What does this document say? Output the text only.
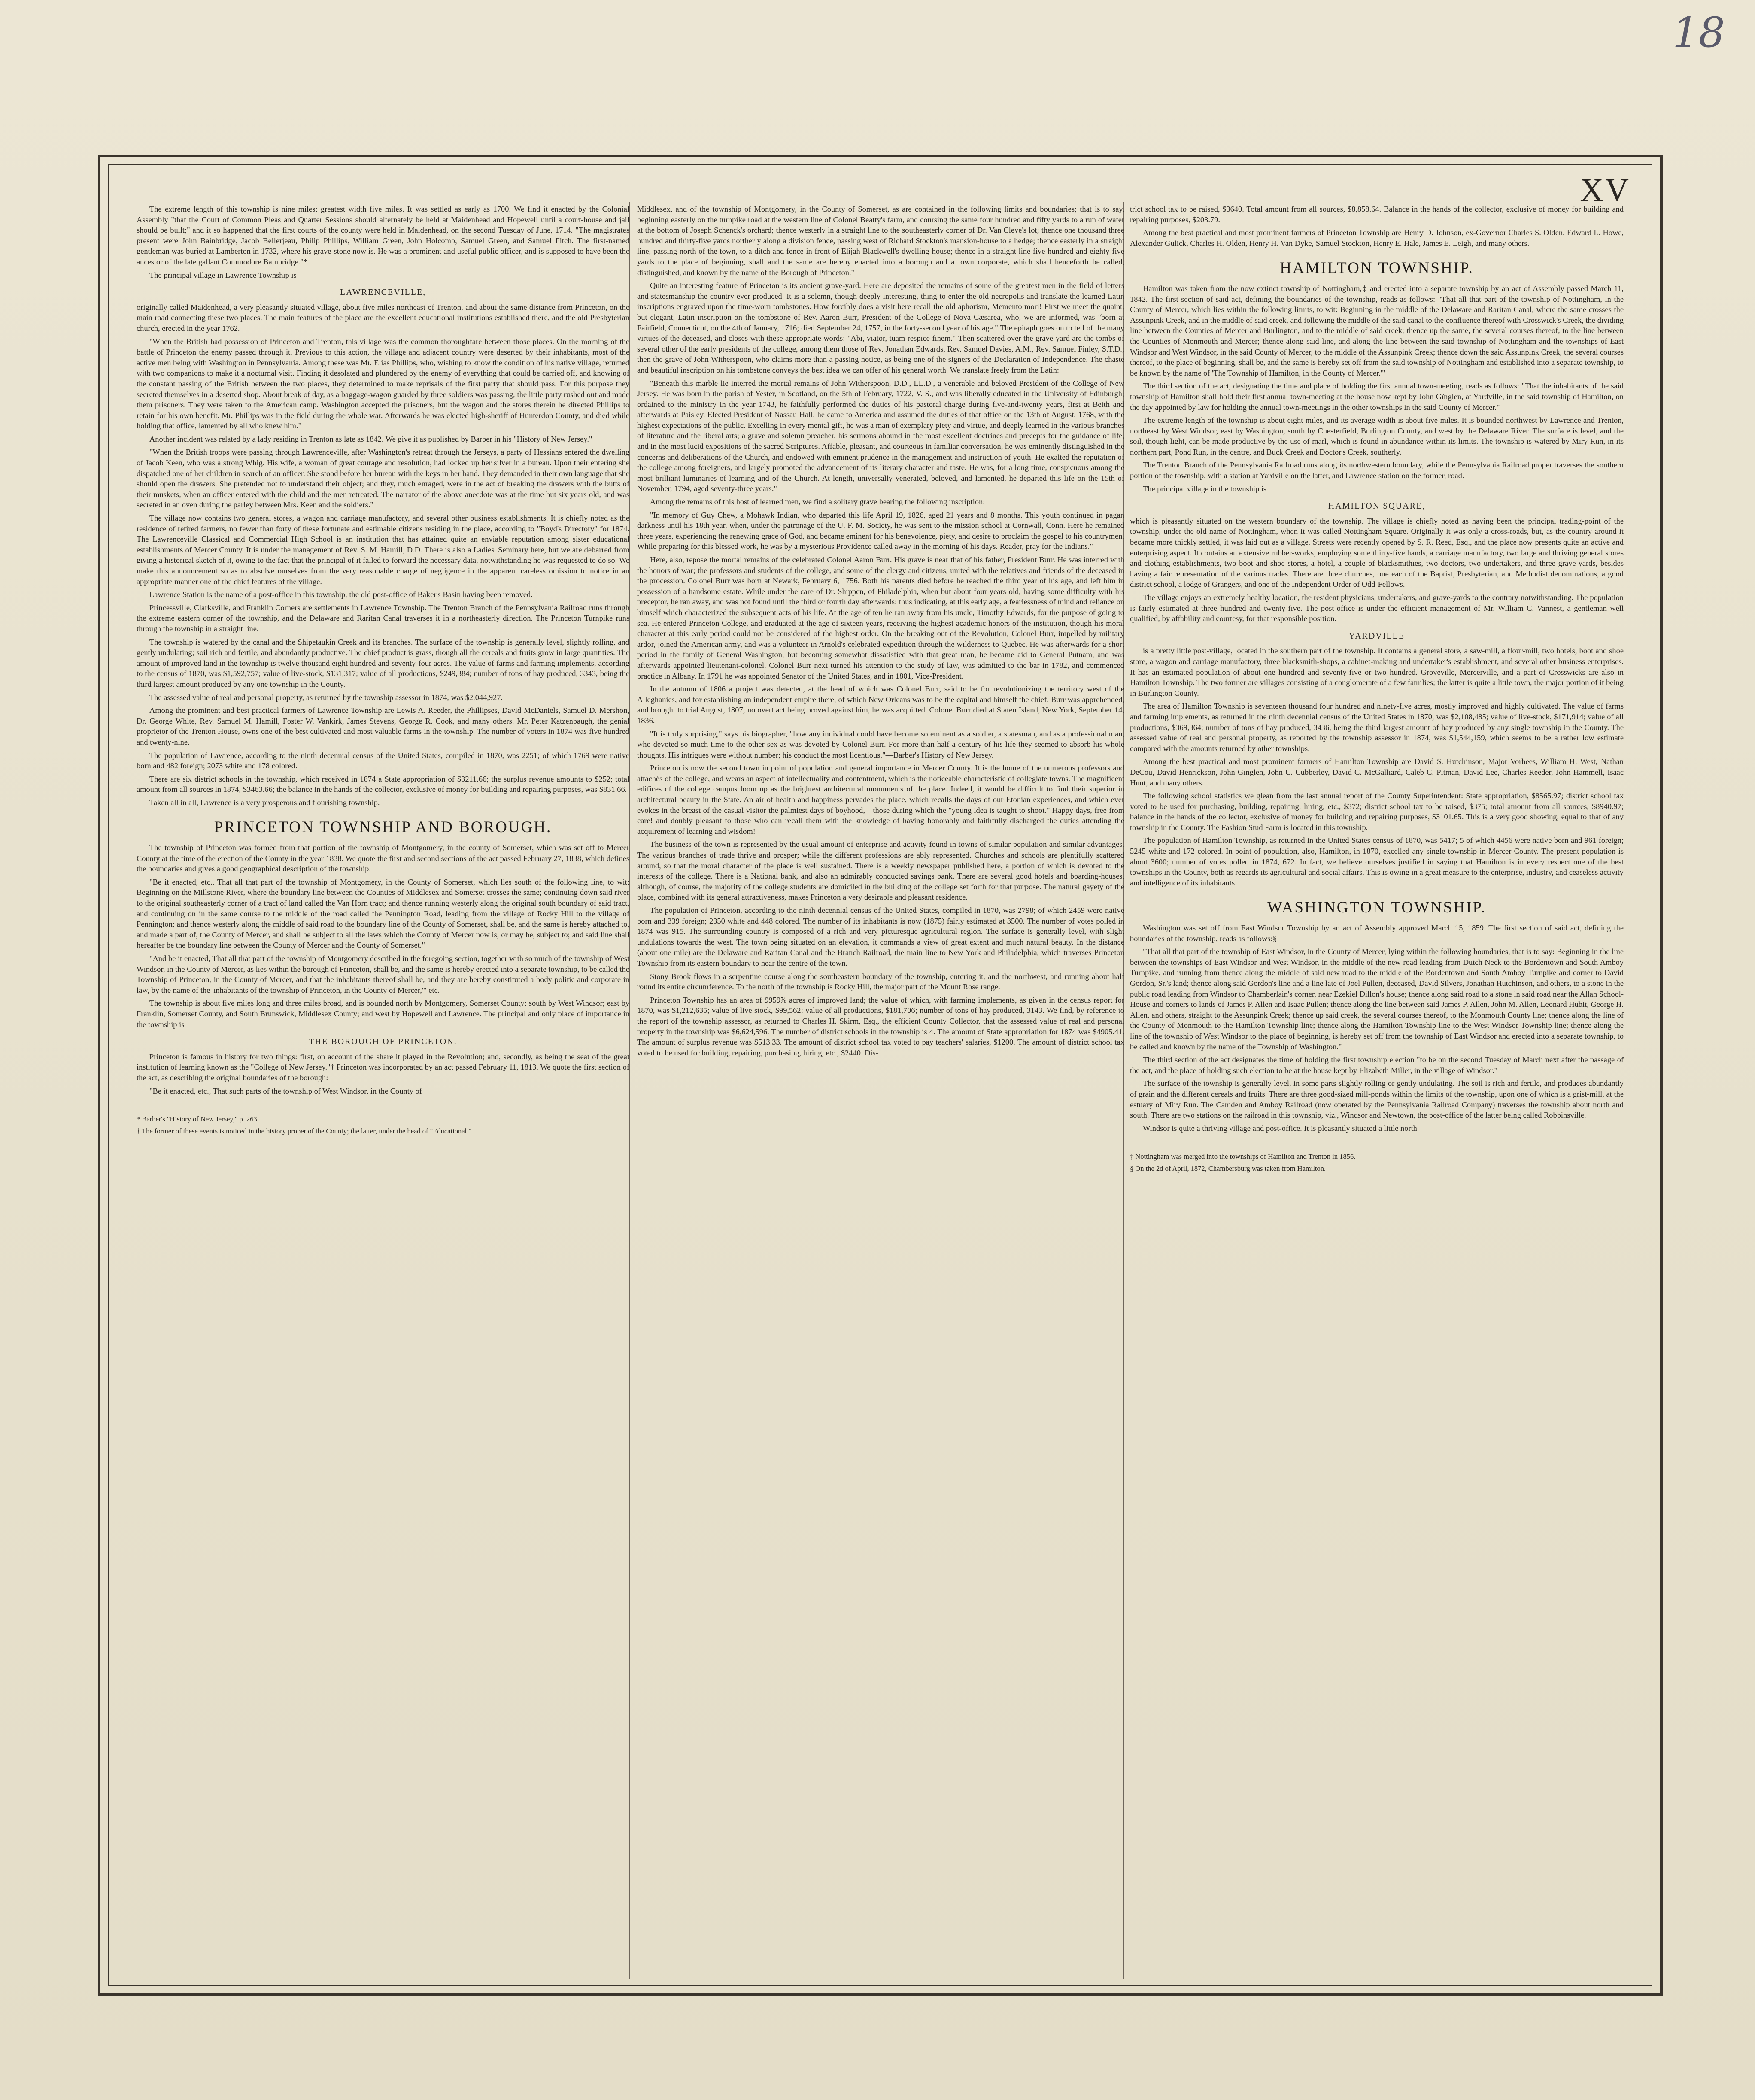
18
XV

The extreme length of this township is nine miles; greatest width five miles. It was settled as early as 1700. We find it enacted by the Colonial Assembly "that the Court of Common Pleas and Quarter Sessions should alternately be held at Maidenhead and Hopewell until a court-house and jail should be built;" and it so happened that the first courts of the county were held in Maidenhead, on the second Tuesday of June, 1714. "The magistrates present were John Bainbridge, Jacob Bellerjeau, Philip Phillips, William Green, John Holcomb, Samuel Green, and Samuel Fitch. The first-named gentleman was buried at Lamberton in 1732, where his grave-stone now is. He was a prominent and useful public officer, and is supposed to have been the ancestor of the late gallant Commodore Bainbridge."*

The principal village in Lawrence Township is

LAWRENCEVILLE,

originally called Maidenhead, a very pleasantly situated village, about five miles northeast of Trenton, and about the same distance from Princeton, on the main road connecting these two places. The main features of the place are the excellent educational institutions established there, and the old Presbyterian church, erected in the year 1762.

"When the British had possession of Princeton and Trenton, this village was the common thoroughfare between those places. On the morning of the battle of Princeton the enemy passed through it. Previous to this action, the village and adjacent country were deserted by their inhabitants, most of the active men being with Washington in Pennsylvania. Among these was Mr. Elias Phillips, who, wishing to know the condition of his native village, returned with two companions to make it a nocturnal visit. Finding it desolated and plundered by the enemy of everything that could be carried off, and knowing of the constant passing of the British between the two places, they determined to make reprisals of the first party that should pass. For this purpose they secreted themselves in a deserted shop. About break of day, as a baggage-wagon guarded by three soldiers was passing, the little party rushed out and made them prisoners. They were taken to the American camp. Washington accepted the prisoners, but the wagon and the stores therein he directed Phillips to retain for his own benefit. Mr. Phillips was in the field during the whole war. Afterwards he was elected high-sheriff of Hunterdon County, and died while holding that office, lamented by all who knew him."

Another incident was related by a lady residing in Trenton as late as 1842. We give it as published by Barber in his "History of New Jersey."

"When the British troops were passing through Lawrenceville, after Washington's retreat through the Jerseys, a party of Hessians entered the dwelling of Jacob Keen, who was a strong Whig. His wife, a woman of great courage and resolution, had locked up her silver in a bureau. Upon their entering she dispatched one of her children in search of an officer. She stood before her bureau with the keys in her hand. They demanded in their own language that she should open the drawers. She pretended not to understand their object; and they, much enraged, were in the act of breaking the drawers with the butts of their muskets, when an officer entered with the child and the men retreated. The narrator of the above anecdote was at the time but six years old, and was secreted in an oven during the parley between Mrs. Keen and the soldiers."

The village now contains two general stores, a wagon and carriage manufactory, and several other business establishments. It is chiefly noted as the residence of retired farmers, no fewer than forty of these fortunate and estimable citizens residing in the place, according to "Boyd's Directory" for 1874. The Lawrenceville Classical and Commercial High School is an institution that has attained quite an enviable reputation among sister educational establishments of Mercer County. It is under the management of Rev. S. M. Hamill, D.D. There is also a Ladies' Seminary here, but we are debarred from giving a historical sketch of it, owing to the fact that the principal of it failed to forward the necessary data, notwithstanding he was requested to do so. We make this announcement so as to absolve ourselves from the very reasonable charge of negligence in the apparent careless omission to notice in an appropriate manner one of the chief features of the village.

Lawrence Station is the name of a post-office in this township, the old post-office of Baker's Basin having been removed.

Princessville, Clarksville, and Franklin Corners are settlements in Lawrence Township. The Trenton Branch of the Pennsylvania Railroad runs through the extreme eastern corner of the township, and the Delaware and Raritan Canal traverses it in a northeasterly direction. The Princeton Turnpike runs through the township in a straight line.

The township is watered by the canal and the Shipetaukin Creek and its branches. The surface of the township is generally level, slightly rolling, and gently undulating; soil rich and fertile, and abundantly productive. The chief product is grass, though all the cereals and fruits grow in large quantities. The amount of improved land in the township is twelve thousand eight hundred and seventy-four acres. The value of farms and farming implements, according to the census of 1870, was $1,592,757; value of live-stock, $131,317; value of all productions, $249,384; number of tons of hay produced, 3343, being the third largest amount produced by any one township in the County.

The assessed value of real and personal property, as returned by the township assessor in 1874, was $2,044,927.

Among the prominent and best practical farmers of Lawrence Township are Lewis A. Reeder, the Phillipses, David McDaniels, Samuel D. Mershon, Dr. George White, Rev. Samuel M. Hamill, Foster W. Vankirk, James Stevens, George R. Cook, and many others. Mr. Peter Katzenbaugh, the genial proprietor of the Trenton House, owns one of the best cultivated and most valuable farms in the township. The number of voters in 1874 was five hundred and twenty-nine.

The population of Lawrence, according to the ninth decennial census of the United States, compiled in 1870, was 2251; of which 1769 were native born and 482 foreign; 2073 white and 178 colored.

There are six district schools in the township, which received in 1874 a State appropriation of $3211.66; the surplus revenue amounts to $252; total amount from all sources in 1874, $3463.66; the balance in the hands of the collector, exclusive of money for building and repairing purposes, was $831.66.

Taken all in all, Lawrence is a very prosperous and flourishing township.

PRINCETON TOWNSHIP AND BOROUGH.

The township of Princeton was formed from that portion of the township of Montgomery, in the county of Somerset, which was set off to Mercer County at the time of the erection of the County in the year 1838. We quote the first and second sections of the act passed February 27, 1838, which defines the boundaries and gives a good geographical description of the township:

"Be it enacted, etc., That all that part of the township of Montgomery, in the County of Somerset, which lies south of the following line, to wit: Beginning on the Millstone River, where the boundary line between the Counties of Middlesex and Somerset crosses the same; continuing down said river to the original southeasterly corner of a tract of land called the Van Horn tract; and thence running westerly along the original south boundary of said tract, and continuing on in the same course to the middle of the road called the Pennington Road, leading from the village of Rocky Hill to the village of Pennington; and thence westerly along the middle of said road to the boundary line of the County of Somerset, shall be, and the same is hereby attached to, and made a part of, the County of Mercer, and shall be subject to all the laws which the County of Mercer now is, or may be, subject to; and said line shall hereafter be the boundary line between the County of Mercer and the County of Somerset."

"And be it enacted, That all that part of the township of Montgomery described in the foregoing section, together with so much of the township of West Windsor, in the County of Mercer, as lies within the borough of Princeton, shall be, and the same is hereby erected into a separate township, to be called the Township of Princeton, in the County of Mercer, and that the inhabitants thereof shall be, and they are hereby constituted a body politic and corporate in law, by the name of the 'inhabitants of the township of Princeton, in the County of Mercer,'" etc.

The township is about five miles long and three miles broad, and is bounded north by Montgomery, Somerset County; south by West Windsor; east by Franklin, Somerset County, and South Brunswick, Middlesex County; and west by Hopewell and Lawrence. The principal and only place of importance in the township is

THE BOROUGH OF PRINCETON.

Princeton is famous in history for two things: first, on account of the share it played in the Revolution; and, secondly, as being the seat of the great institution of learning known as the "College of New Jersey."† Princeton was incorporated by an act passed February 11, 1813. We quote the first section of the act, as describing the original boundaries of the borough:

"Be it enacted, etc., That such parts of the township of West Windsor, in the County of

* Barber's "History of New Jersey," p. 263.

† The former of these events is noticed in the history proper of the County; the latter, under the head of "Educational."

Middlesex, and of the township of Montgomery, in the County of Somerset, as are contained in the following limits and boundaries; that is to say, beginning easterly on the turnpike road at the western line of Colonel Beatty's farm, and coursing the same four hundred and fifty yards to a run of water at the bottom of Joseph Schenck's orchard; thence westerly in a straight line to the southeasterly corner of Dr. Van Cleve's lot; thence one thousand three hundred and thirty-five yards northerly along a division fence, passing west of Richard Stockton's mansion-house to a hedge; thence easterly in a straight line, passing north of the town, to a ditch and fence in front of Elijah Blackwell's dwelling-house; thence in a straight line five hundred and eighty-five yards to the place of beginning, shall and the same are hereby enacted into a borough and a town corporate, which shall henceforth be called, distinguished, and known by the name of the Borough of Princeton."

Quite an interesting feature of Princeton is its ancient grave-yard. Here are deposited the remains of some of the greatest men in the field of letters and statesmanship the country ever produced. It is a solemn, though deeply interesting, thing to enter the old necropolis and translate the learned Latin inscriptions engraved upon the time-worn tombstones. How forcibly does a visit here recall the old aphorism, Memento mori! First we meet the quaint, but elegant, Latin inscription on the tombstone of Rev. Aaron Burr, President of the College of Nova Cæsarea, who, we are informed, was "born at Fairfield, Connecticut, on the 4th of January, 1716; died September 24, 1757, in the forty-second year of his age." The epitaph goes on to tell of the many virtues of the deceased, and closes with these appropriate words: "Abi, viator, tuam respice finem." Then scattered over the grave-yard are the tombs of several other of the early presidents of the college, among them those of Rev. Jonathan Edwards, Rev. Samuel Davies, A.M., Rev. Samuel Finley, S.T.D.; then the grave of John Witherspoon, who claims more than a passing notice, as being one of the signers of the Declaration of Independence. The chaste and beautiful inscription on his tombstone conveys the best idea we can offer of his general worth. We translate freely from the Latin:

"Beneath this marble lie interred the mortal remains of John Witherspoon, D.D., LL.D., a venerable and beloved President of the College of New Jersey. He was born in the parish of Yester, in Scotland, on the 5th of February, 1722, V. S., and was liberally educated in the University of Edinburgh; ordained to the ministry in the year 1743, he faithfully performed the duties of his pastoral charge during five-and-twenty years, first at Beith and afterwards at Paisley. Elected President of Nassau Hall, he came to America and assumed the duties of that office on the 13th of August, 1768, with the highest expectations of the public. Excelling in every mental gift, he was a man of exemplary piety and virtue, and deeply learned in the various branches of literature and the liberal arts; a grave and solemn preacher, his sermons abound in the most excellent doctrines and precepts for the guidance of life, and in the most lucid expositions of the sacred Scriptures. Affable, pleasant, and courteous in familiar conversation, he was eminently distinguished in the concerns and deliberations of the Church, and endowed with eminent prudence in the management and instruction of youth. He exalted the reputation of the college among foreigners, and largely promoted the advancement of its literary character and taste. He was, for a long time, conspicuous among the most brilliant luminaries of learning and of the Church. At length, universally venerated, beloved, and lamented, he departed this life on the 15th of November, 1794, aged seventy-three years."

Among the remains of this host of learned men, we find a solitary grave bearing the following inscription:

"In memory of Guy Chew, a Mohawk Indian, who departed this life April 19, 1826, aged 21 years and 8 months. This youth continued in pagan darkness until his 18th year, when, under the patronage of the U. F. M. Society, he was sent to the mission school at Cornwall, Conn. Here he remained three years, experiencing the renewing grace of God, and became eminent for his benevolence, piety, and desire to proclaim the gospel to his countrymen. While preparing for this blessed work, he was by a mysterious Providence called away in the morning of his days. Reader, pray for the Indians."

Here, also, repose the mortal remains of the celebrated Colonel Aaron Burr. His grave is near that of his father, President Burr. He was interred with the honors of war; the professors and students of the college, and some of the clergy and citizens, united with the relatives and friends of the deceased in the procession. Colonel Burr was born at Newark, February 6, 1756. Both his parents died before he reached the third year of his age, and left him in possession of a handsome estate. While under the care of Dr. Shippen, of Philadelphia, when but about four years old, having some difficulty with his preceptor, he ran away, and was not found until the third or fourth day afterwards: thus indicating, at this early age, a fearlessness of mind and reliance on himself which characterized the subsequent acts of his life. At the age of ten he ran away from his uncle, Timothy Edwards, for the purpose of going to sea. He entered Princeton College, and graduated at the age of sixteen years, receiving the highest academic honors of the institution, though his moral character at this early period could not be considered of the highest order. On the breaking out of the Revolution, Colonel Burr, impelled by military ardor, joined the American army, and was a volunteer in Arnold's celebrated expedition through the wilderness to Quebec. He was afterwards for a short period in the family of General Washington, but becoming somewhat dissatisfied with that great man, he became aid to General Putnam, and was afterwards appointed lieutenant-colonel. Colonel Burr next turned his attention to the study of law, was admitted to the bar in 1782, and commenced practice in Albany. In 1791 he was appointed Senator of the United States, and in 1801, Vice-President.

In the autumn of 1806 a project was detected, at the head of which was Colonel Burr, said to be for revolutionizing the territory west of the Alleghanies, and for establishing an independent empire there, of which New Orleans was to be the capital and himself the chief. Burr was apprehended, and brought to trial August, 1807; no overt act being proved against him, he was acquitted. Colonel Burr died at Staten Island, New York, September 14, 1836.

"It is truly surprising," says his biographer, "how any individual could have become so eminent as a soldier, a statesman, and as a professional man, who devoted so much time to the other sex as was devoted by Colonel Burr. For more than half a century of his life they seemed to absorb his whole thoughts. His intrigues were without number; his conduct the most licentious."—Barber's History of New Jersey.

Princeton is now the second town in point of population and general importance in Mercer County. It is the home of the numerous professors and attachés of the college, and wears an aspect of intellectuality and contentment, which is the noticeable characteristic of collegiate towns. The magnificent edifices of the college campus loom up as the brightest architectural monuments of the place. Indeed, it would be difficult to find their superior in architectural beauty in the State. An air of health and happiness pervades the place, which recalls the days of our Etonian experiences, and which ever evokes in the breast of the casual visitor the palmiest days of boyhood,—those during which the "young idea is taught to shoot." Happy days, free from care! and doubly pleasant to those who can recall them with the knowledge of having honorably and faithfully discharged the duties attending the acquirement of learning and wisdom!

The business of the town is represented by the usual amount of enterprise and activity found in towns of similar population and similar advantages. The various branches of trade thrive and prosper; while the different professions are ably represented. Churches and schools are plentifully scattered around, so that the moral character of the place is well sustained. There is a weekly newspaper published here, a portion of which is devoted to the interests of the college. There is a National bank, and also an admirably conducted savings bank. There are several good hotels and boarding-houses, although, of course, the majority of the college students are domiciled in the building of the college set forth for that purpose. The natural gayety of the place, combined with its general attractiveness, makes Princeton a very desirable and pleasant residence.

The population of Princeton, according to the ninth decennial census of the United States, compiled in 1870, was 2798; of which 2459 were native born and 339 foreign; 2350 white and 448 colored. The number of its inhabitants is now (1875) fairly estimated at 3500. The number of votes polled in 1874 was 915. The surrounding country is composed of a rich and very picturesque agricultural region. The surface is generally level, with slight undulations towards the west. The town being situated on an elevation, it commands a view of great extent and much natural beauty. In the distance (about one mile) are the Delaware and Raritan Canal and the Branch Railroad, the main line to New York and Philadelphia, which traverses Princeton Township from its eastern boundary to near the centre of the town.

Stony Brook flows in a serpentine course along the southeastern boundary of the township, entering it, and the northwest, and running about half round its entire circumference. To the north of the township is Rocky Hill, the major part of the Mount Rose range.

Princeton Township has an area of 9959⅞ acres of improved land; the value of which, with farming implements, as given in the census report for 1870, was $1,212,635; value of live stock, $99,562; value of all productions, $181,706; number of tons of hay produced, 3143. We find, by reference to the report of the township assessor, as returned to Charles H. Skirm, Esq., the efficient County Collector, that the assessed value of real and personal property in the township was $6,624,596. The number of district schools in the township is 4. The amount of State appropriation for 1874 was $4905.41. The amount of surplus revenue was $513.33. The amount of district school tax voted to pay teachers' salaries, $1200. The amount of district school tax voted to be used for building, repairing, purchasing, hiring, etc., $2440. Dis-

trict school tax to be raised, $3640. Total amount from all sources, $8,858.64. Balance in the hands of the collector, exclusive of money for building and repairing purposes, $203.79.

Among the best practical and most prominent farmers of Princeton Township are Henry D. Johnson, ex-Governor Charles S. Olden, Edward L. Howe, Alexander Gulick, Charles H. Olden, Henry H. Van Dyke, Samuel Stockton, Henry E. Hale, James E. Leigh, and many others.

HAMILTON TOWNSHIP.

Hamilton was taken from the now extinct township of Nottingham,‡ and erected into a separate township by an act of Assembly passed March 11, 1842. The first section of said act, defining the boundaries of the township, reads as follows: "That all that part of the township of Nottingham, in the County of Mercer, which lies within the following limits, to wit: Beginning in the middle of the Delaware and Raritan Canal, where the same crosses the Assunpink Creek, and in the middle of said creek, and following the middle of the said canal to the confluence thereof with Crosswick's Creek, the dividing line between the Counties of Mercer and Burlington, and to the middle of said creek; thence up the same, the several courses thereof, to the line between the Counties of Monmouth and Mercer; thence along said line, and along the line between the said township of Nottingham and the townships of East Windsor and West Windsor, in the said County of Mercer, to the middle of the Assunpink Creek; thence down the said Assunpink Creek, the several courses thereof, to the place of beginning, shall be, and the same is hereby set off from the said township of Nottingham and established into a separate township, to be known by the name of 'The Township of Hamilton, in the County of Mercer.'"

The third section of the act, designating the time and place of holding the first annual town-meeting, reads as follows: "That the inhabitants of the said township of Hamilton shall hold their first annual town-meeting at the house now kept by John Gînglen, at Yardville, in the said township of Hamilton, on the day appointed by law for holding the annual town-meetings in the other townships in the said County of Mercer."

The extreme length of the township is about eight miles, and its average width is about five miles. It is bounded northwest by Lawrence and Trenton, northeast by West Windsor, east by Washington, south by Chesterfield, Burlington County, and west by the Delaware River. The surface is level, and the soil, though light, can be made productive by the use of marl, which is found in abundance within its limits. The township is watered by Miry Run, in its northern part, Pond Run, in the centre, and Buck Creek and Doctor's Creek, southerly.

The Trenton Branch of the Pennsylvania Railroad runs along its northwestern boundary, while the Pennsylvania Railroad proper traverses the southern portion of the township, with a station at Yardville on the latter, and Lawrence station on the former, road.

The principal village in the township is

HAMILTON SQUARE,

which is pleasantly situated on the western boundary of the township. The village is chiefly noted as having been the principal trading-point of the township, under the old name of Nottingham, when it was called Nottingham Square. Originally it was only a cross-roads, but, as the country around it became more thickly settled, it was laid out as a village. Streets were recently opened by S. R. Reed, Esq., and the place now presents quite an active and enterprising aspect. It contains an extensive rubber-works, employing some thirty-five hands, a carriage manufactory, two large and thriving general stores and clothing establishments, two boot and shoe stores, a hotel, a couple of blacksmithies, two doctors, two undertakers, and three grave-yards, besides having a fair representation of the various trades. There are three churches, one each of the Baptist, Presbyterian, and Methodist denominations, a good district school, a lodge of Grangers, and one of the Independent Order of Odd-Fellows.

The village enjoys an extremely healthy location, the resident physicians, undertakers, and grave-yards to the contrary notwithstanding. The population is fairly estimated at three hundred and twenty-five. The post-office is under the efficient management of Mr. William C. Vannest, a gentleman well qualified, by affability and courtesy, for that responsible position.

YARDVILLE

is a pretty little post-village, located in the southern part of the township. It contains a general store, a saw-mill, a flour-mill, two hotels, boot and shoe store, a wagon and carriage manufactory, three blacksmith-shops, a cabinet-making and undertaker's establishment, and several other business enterprises. It has an estimated population of about one hundred and seventy-five or two hundred. Groveville, Mercerville, and a part of Crosswicks are also in Hamilton Township. The two former are villages consisting of a conglomerate of a few families; the latter is quite a little town, the major portion of it being in Burlington County.

The area of Hamilton Township is seventeen thousand four hundred and ninety-five acres, mostly improved and highly cultivated. The value of farms and farming implements, as returned in the ninth decennial census of the United States in 1870, was $2,108,485; value of live-stock, $171,914; value of all productions, $369,364; number of tons of hay produced, 3436, being the third largest amount of hay produced by any single township in the County. The assessed value of real and personal property, as reported by the township assessor in 1874, was $1,544,159, which seems to be a rather low estimate compared with the amounts returned by other townships.

Among the best practical and most prominent farmers of Hamilton Township are David S. Hutchinson, Major Vorhees, William H. West, Nathan DeCou, David Henrickson, John Ginglen, John C. Cubberley, David C. McGalliard, Caleb C. Pitman, David Lee, Charles Reeder, John Hammell, Isaac Hunt, and many others.

The following school statistics we glean from the last annual report of the County Superintendent: State appropriation, $8565.97; district school tax voted to be used for purchasing, building, repairing, hiring, etc., $372; district school tax to be raised, $375; total amount from all sources, $8940.97; balance in the hands of the collector, exclusive of money for building and repairing purposes, $3101.65. This is a very good showing, equal to that of any township in the County. The Fashion Stud Farm is located in this township.

The population of Hamilton Township, as returned in the United States census of 1870, was 5417; 5 of which 4456 were native born and 961 foreign; 5245 white and 172 colored. In point of population, also, Hamilton, in 1870, excelled any single township in Mercer County. The present population is about 3600; number of votes polled in 1874, 672. In fact, we believe ourselves justified in saying that Hamilton is in every respect one of the best townships in the County, both as regards its agricultural and social affairs. This is owing in a great measure to the enterprise, industry, and ceaseless activity and intelligence of its inhabitants.

WASHINGTON TOWNSHIP.

Washington was set off from East Windsor Township by an act of Assembly approved March 15, 1859. The first section of said act, defining the boundaries of the township, reads as follows:§

"That all that part of the township of East Windsor, in the County of Mercer, lying within the following boundaries, that is to say: Beginning in the line between the townships of East Windsor and West Windsor, in the middle of the new road leading from Dutch Neck to the Bordentown and South Amboy Turnpike, and running from thence along the middle of said new road to the middle of the Bordentown and South Amboy Turnpike and corner to David Gordon, Sr.'s land; thence along said Gordon's line and a line late of Joel Pullen, deceased, David Silvers, Jonathan Hutchinson, and others, to a stone in the public road leading from Windsor to Chamberlain's corner, near Ezekiel Dillon's house; thence along said road to a stone in said road near the Allan School-House and corners to lands of James P. Allen and Isaac Pullen; thence along the line between said James P. Allen, John M. Allen, Leonard Hubit, George H. Allen, and others, straight to the Assunpink Creek; thence up said creek, the several courses thereof, to the Monmouth County line; thence along the line of the County of Monmouth to the Hamilton Township line; thence along the Hamilton Township line to the West Windsor Township line; thence along the line of the township of West Windsor to the place of beginning, is hereby set off from the township of East Windsor and erected into a separate township, to be called and known by the name of the Township of Washington."

The third section of the act designates the time of holding the first township election "to be on the second Tuesday of March next after the passage of the act, and the place of holding such election to be at the house kept by Elizabeth Miller, in the village of Windsor."

The surface of the township is generally level, in some parts slightly rolling or gently undulating. The soil is rich and fertile, and produces abundantly of grain and the different cereals and fruits. There are three good-sized mill-ponds within the limits of the township, upon one of which is a grist-mill, at the estuary of Miry Run. The Camden and Amboy Railroad (now operated by the Pennsylvania Railroad Company) traverses the township about north and south. There are two stations on the railroad in this township, viz., Windsor and Newtown, the post-office of the latter being called Robbinsville.

Windsor is quite a thriving village and post-office. It is pleasantly situated a little north

‡ Nottingham was merged into the townships of Hamilton and Trenton in 1856.

§ On the 2d of April, 1872, Chambersburg was taken from Hamilton.
